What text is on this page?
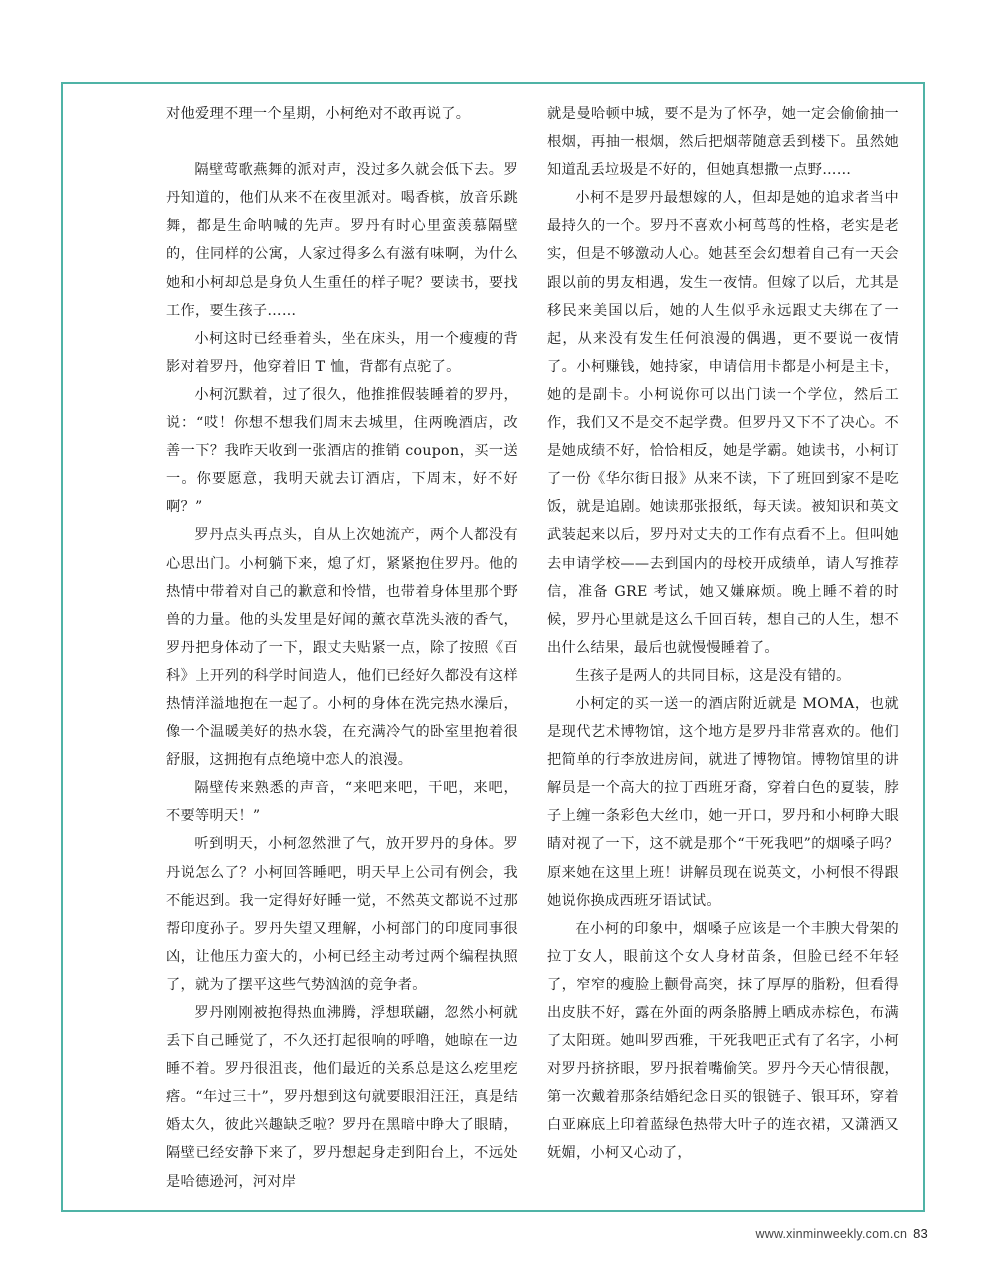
对他爱理不理一个星期，小柯绝对不敢再说了。

隔壁莺歌燕舞的派对声，没过多久就会低下去。罗丹知道的，他们从来不在夜里派对。喝香槟，放音乐跳舞，都是生命呐喊的先声。罗丹有时心里蛮羡慕隔壁的，住同样的公寓，人家过得多么有滋有味啊，为什么她和小柯却总是身负人生重任的样子呢？要读书，要找工作，要生孩子……

小柯这时已经垂着头，坐在床头，用一个瘦瘦的背影对着罗丹，他穿着旧 T 恤，背都有点驼了。

小柯沉默着，过了很久，他推推假装睡着的罗丹，说：“哎！你想不想我们周末去城里，住两晚酒店，改善一下？我昨天收到一张酒店的推销 coupon，买一送一。你要愿意，我明天就去订酒店，下周末，好不好啊？”

罗丹点头再点头，自从上次她流产，两个人都没有心思出门。小柯躺下来，熄了灯，紧紧抱住罗丹。他的热情中带着对自己的歉意和怜惜，也带着身体里那个野兽的力量。他的头发里是好闻的薰衣草洗头液的香气，罗丹把身体动了一下，跟丈夫贴紧一点，除了按照《百科》上开列的科学时间造人，他们已经好久都没有这样热情洋溢地抱在一起了。小柯的身体在洗完热水澡后，像一个温暖美好的热水袋，在充满冷气的卧室里抱着很舒服，这拥抱有点绝境中恋人的浪漫。

隔壁传来熟悉的声音，“来吧来吧，干吧，来吧，不要等明天！”

听到明天，小柯忽然泄了气，放开罗丹的身体。罗丹说怎么了？小柯回答睡吧，明天早上公司有例会，我不能迟到。我一定得好好睡一觉，不然英文都说不过那帮印度孙子。罗丹失望又理解，小柯部门的印度同事很凶，让他压力蛮大的，小柯已经主动考过两个编程执照了，就为了摆平这些气势汹汹的竞争者。

罗丹刚刚被抱得热血沸腾，浮想联翩，忽然小柯就丢下自己睡觉了，不久还打起很响的呼噜，她晾在一边睡不着。罗丹很沮丧，他们最近的关系总是这么疙里疙瘩。“年过三十”，罗丹想到这句就要眼泪汪汪，真是结婚太久，彼此兴趣缺乏啦？罗丹在黑暗中睁大了眼睛，隔壁已经安静下来了，罗丹想起身走到阳台上，不远处是哈德逊河，河对岸

就是曼哈顿中城，要不是为了怀孕，她一定会偷偷抽一根烟，再抽一根烟，然后把烟蒂随意丢到楼下。虽然她知道乱丢垃圾是不好的，但她真想撒一点野……

小柯不是罗丹最想嫁的人，但却是她的追求者当中最持久的一个。罗丹不喜欢小柯茑茑的性格，老实是老实，但是不够激动人心。她甚至会幻想着自己有一天会跟以前的男友相遇，发生一夜情。但嫁了以后，尤其是移民来美国以后，她的人生似乎永远跟丈夫绑在了一起，从来没有发生任何浪漫的偶遇，更不要说一夜情了。小柯赚钱，她持家，申请信用卡都是小柯是主卡，她的是副卡。小柯说你可以出门读一个学位，然后工作，我们又不是交不起学费。但罗丹又下不了决心。不是她成绩不好，恰恰相反，她是学霸。她读书，小柯订了一份《华尔街日报》从来不读，下了班回到家不是吃饭，就是追剧。她读那张报纸，每天读。被知识和英文武装起来以后，罗丹对丈夫的工作有点看不上。但叫她去申请学校——去到国内的母校开成绩单，请人写推荐信，准备 GRE 考试，她又嫌麻烦。晚上睡不着的时候，罗丹心里就是这么千回百转，想自己的人生，想不出什么结果，最后也就慢慢睡着了。

生孩子是两人的共同目标，这是没有错的。

小柯定的买一送一的酒店附近就是 MOMA，也就是现代艺术博物馆，这个地方是罗丹非常喜欢的。他们把简单的行李放进房间，就进了博物馆。博物馆里的讲解员是一个高大的拉丁西班牙裔，穿着白色的夏装，脖子上缠一条彩色大丝巾，她一开口，罗丹和小柯睁大眼睛对视了一下，这不就是那个“干死我吧”的烟嗓子吗？原来她在这里上班！讲解员现在说英文，小柯恨不得跟她说你换成西班牙语试试。

在小柯的印象中，烟嗓子应该是一个丰腴大骨架的拉丁女人，眼前这个女人身材苗条，但脸已经不年轻了，窄窄的瘦脸上颧骨高突，抹了厚厚的脂粉，但看得出皮肤不好，露在外面的两条胳膊上晒成赤棕色，布满了太阳斑。她叫罗西雅，干死我吧正式有了名字，小柯对罗丹挤挤眼，罗丹抿着嘴偷笑。罗丹今天心情很靓，第一次戴着那条结婚纪念日买的银链子、银耳环，穿着白亚麻底上印着蓝绿色热带大叶子的连衣裙，又潇洒又妩媚，小柯又心动了，

www.xinminweekly.com.cn 83
